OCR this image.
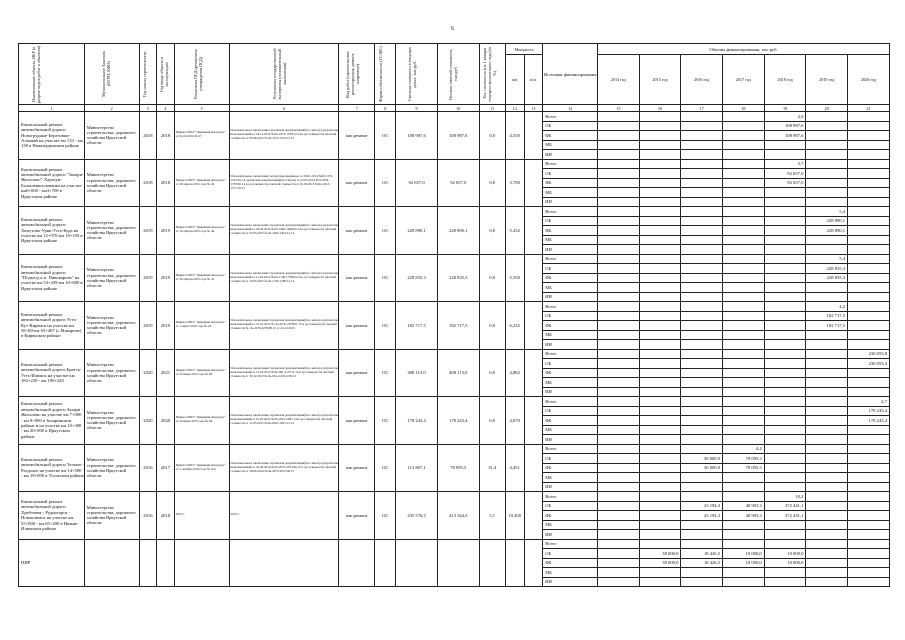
6
Наименование объекта, ИБР (в разрезе видов работ и объектов)	Муниципальное Заказчик (ОГРН, КФО)	Год начала строительства	Год ввода объекта в эксплуатацию	Реквизиты ПСД (реквизиты утверждения ПСД)	Результаты государственной экспертизы (положительный заключения)	Вид работ (строительство, реконструкция, ремонт, капремонт)	Форма собственности (ГС/МС)	Сметная стоимость в текущих ценах, тыс.руб.	Остаток сметной стоимости, тыс.руб.	Тех. готовность (на 1 января текущего финансового года) (в %)	Мощность		Источник финансирования	Объемы финансирования, тыс.руб.						
											км	п.м.		2014 год	2015 год	2016 год	2017 год	2018 год	2019 год	2020 год
1	2	3	4	5	6	7	8	9	10	11	12	13	14	15	16	17	18	19	20	21
Капитальный ремонт автомобильной дороги Новогрудные-Березовки-Алзамай на участке км 133 - км 138 в Нижнеудинском районе	Министерство строительства, дорожного хозяйства Иркутской области	2018	2018	Приказ ОГКУ "Дирекция автодорог" от 01.02.2016 № 67	Положительное заключение: проектная документация(без сметы) и результаты инж.изысканий от 24.12.2014 №Ла-1072-1458/12.14 и достоверности сметной стоимости от 05.08.2015 №Ла-1072-1501/12.15	кап.ремонт	ОС	108 987,6	108 987,6	0,0	4,550		Всего					4,6		
													ОБ					108 987,6		
													ФБ					108 987,6		
													МБ							
													ИИ							
Капитальный ремонт автомобильной дороги "Залари-Жигалово"-Харагун-Большевиголованка на участке км0+000 - км3+700 в Иркутском районе	Министерство строительства, дорожного хозяйства Иркутской области	2018	2018	Приказ ОГКУ "Дирекция автодорог" от 28 апреля 2015 года № 42	Положительное заключение экспертизы выданное от 20.01.2014 №00-1572-1521/02.14, проектная документация(без сметы) от 25.05.2014 №Л-1959-1379/06.14 и достоверности сметной стоимости от 01.02.2015 №Ла-1915-1517/10.15	кап.ремонт	ОС	92 657,0	92 657,0	0,0	3,700		Всего					3,7		
													ОБ					92 657,0		
													ФБ					92 657,0		
													МБ							
													ИИ							
Капитальный ремонт автомобильной дороги Хомутово-Урик-Усть-Куда на участке км 12+970-км 18+100 в Иркутском районе	Министерство строительства, дорожного хозяйства Иркутской области	2019	2019	Приказ ОГКУ "Дирекция автодорог" от 19 апреля 2015 года № 44	Положительное заключение: проектная документация(без сметы) и результаты инж.изысканий от 03.02.2014 №Ла-1600-1668/02.14 и достоверности сметной стоимости от 02.03.2015 №Ла-1600-1491/12.14	кап.ремонт	ОС	228 890,1	228 890,1	0,0	5,432		Всего						5,4	
													ОБ						228 890,1	
													ФБ						228 890,1	
													МБ							
													ИИ							
Капитальный ремонт автомобильной дороги "Подъезд к п. Пивоварово" на участке км 54+439-км 10+680 в Иркутском районе	Министерство строительства, дорожного хозяйства Иркутской области	2019	2019	Приказ ОГКУ "Дирекция автодорог" от 28 апреля 2015 года № 43	Положительное заключение: проектная документация(без сметы) и результаты инж.изысканий от 11.02.2014 №Ла-1740-1738/04.14 и достоверности сметной стоимости от 16.04.2015 №Ла-1740-1780/12.14	кап.ремонт	ОС	228 835,3	228 835,3	0,0	5,350		Всего						5,4	
													ОБ						228 835,3	
													ФБ						228 835,3	
													МБ							
													ИИ							
Капитальный ремонт автомобильной дороги Усть-Кут-Киренск на участке км 58+00-км 63+407 (с.Макарово) в Киренском районе	Министерство строительства, дорожного хозяйства Иркутской области	2019	2019	Приказ ОГКУ "Дирекция автодорог" от 1 марта 2016 года № 22	Положительное заключение: проектная документация(без сметы) и результаты инж.изысканий от 21.01.2015 № Ла-2270-2279/01.15 и достоверности сметной стоимости № Ла-2270-2279/08.15 от 24.12.2015	кап.ремонт	ОС	182 717,5	182 717,5	0,0	6,235		Всего						4,2	
													ОБ						182 717,5	
													ФБ						182 717,5	
													МБ							
													ИИ							
Капитальный ремонт автомобильной дороги Братск-Усть-Илимск на участке км 183+239 - км 190+220	Министерство строительства, дорожного хозяйства Иркутской области	2020	2021	Приказ ОГКУ "Дирекция автодорог" от 24 июня 2014 года № 90	Положительное заключение: проектная документация(без сметы) и результаты инж.изысканий от 12.03.2013 №Ла-091-2-05/11.13 и достоверности сметной стоимости от 30.12.2013 №Ла-091-2-0/011/09.13	кап.ремонт	ОС	408 113,0	408 113,0	0,0	4,882		Всего							230 053,8
													ОБ							230 053,4
													ФБ							
													МБ							
													ИИ							
Капитальный ремонт автомобильной дороги Залари - Жигалово на участке км 7+000 - км 8+000 в Заларинском районе и на участке км 10+300 - км 20+000 в Иркутском районе	Министерство строительства, дорожного хозяйства Иркутской области	2020	2020	Приказ ОГКУ "Дирекция автодорог" от 24 июня 2015 года № 64	Положительное заключение: проектная документация(без сметы) и результаты инж.изысканий от 01.05.2014 №Ла-2001-2001/14 и достоверности сметной стоимости от 11.05.2015 №Ла-2001-2001/12.14	кап.ремонт	ОС	178 243,4	178 243,4	0,0	4,670		Всего							4,7
													ОБ							178 243,4
													ФБ							178 243,4
													МБ							
													ИИ							
Капитальный ремонт автомобильной дороги Тельма-Раздолье на участке км 14+500 - км 19+000 в Усольском районе	Министерство строительства, дорожного хозяйства Иркутской области	2016	2017	Приказ ОГКУ "Дирекция автодорог" от 5 октября 2016 года № 104	Положительное заключение: проектная документация(без сметы) и результаты инж.изысканий от 22.06.2016 №Ла-2072-2072/06.15 и достоверности сметной стоимости от 28.06.2016 №Ла-2072-2072/06.15	кап.ремонт	ОС	113 867,1	78 095,5	31,4	4,451		Всего				4,4			
													ОБ			30 000,0	78 095,5			
													ФБ			30 000,0	78 095,5			
													МБ							
													ИИ							
Капитальный ремонт автомобильной дороги Хребтовая - Рудногорск - Новоилимск на участке км 55+000 - км 65+200 в Нижне-Илимском районе	Министерство строительства, дорожного хозяйства Иркутской области	2016	2018	2016 г.	2016 г.	кап.ремонт	ОС	435 576,5	413 344,3	5,1	10,200		Всего					10,2		
													ОБ			23 194,3	40 903,3	372 441,1		
													ФБ			23 194,3	40 903,3	372 441,1		
													МБ							
													ИИ							
ПИР													Всего							
													ОБ		38 000,0	18 426,5	10 000,0	10 000,0		
													ФБ		38 000,0	18 426,5	10 000,0	10 000,0		
													МБ							
													ИИ							
